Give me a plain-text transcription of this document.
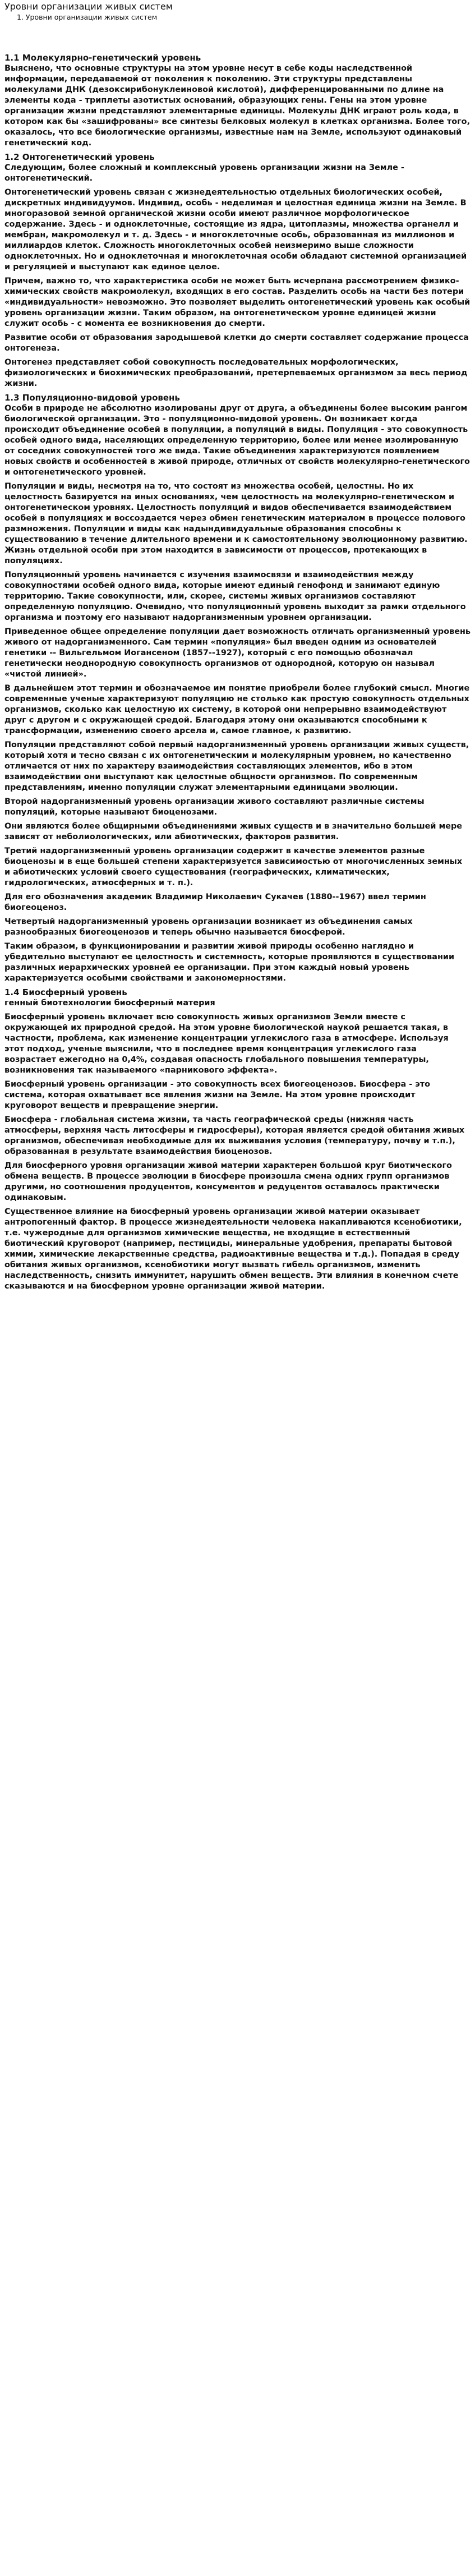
Уровни организации живых систем
1. Уровни организации живых систем
1.1 Молекулярно-генетический уровень

Выяснено, что основные структуры на этом уровне несут в себе коды наследственной информации, передаваемой от поколения к поколению. Эти структуры представлены молекулами ДНК (дезоксирибонуклеиновой кислотой), дифференцированными по длине на элементы кода - триплеты азотистых оснований, образующих гены. Гены на этом уровне организации жизни представляют элементарные единицы. Молекулы ДНК играют роль кода, в котором как бы «зашифрованы» все синтезы белковых молекул в клетках организма. Более того, оказалось, что все биологические организмы, известные нам на Земле, используют одинаковый генетический код.

1.2 Онтогенетический уровень

Следующим, более сложный и комплексный уровень организации жизни на Земле - онтогенетический.

Онтогенетический уровень связан с жизнедеятельностью отдельных биологических особей, дискретных индивидуумов. Индивид, особь - неделимая и целостная единица жизни на Земле. В многоразовой земной органической жизни особи имеют различное морфологическое содержание. Здесь - и одноклеточные, состоящие из ядра, цитоплазмы, множества органелл и мембран, макромолекул и т. д. Здесь - и многоклеточные особь, образованная из миллионов и миллиардов клеток. Сложность многоклеточных особей неизмеримо выше сложности одноклеточных. Но и одноклеточная и многоклеточная особи обладают системной организацией и регуляцией и выступают как единое целое.

Причем, важно то, что характеристика особи не может быть исчерпана рассмотрением физико-химических свойств макромолекул, входящих в его состав. Разделить особь на части без потери «индивидуальности» невозможно. Это позволяет выделить онтогенетический уровень как особый уровень организации жизни. Таким образом, на онтогенетическом уровне единицей жизни служит особь - с момента ее возникновения до смерти.

Развитие особи от образования зародышевой клетки до смерти составляет содержание процесса онтогенеза.

Онтогенез представляет собой совокупность последовательных морфологических, физиологических и биохимических преобразований, претерпеваемых организмом за весь период жизни.

1.3 Популяционно-видовой уровень

Особи в природе не абсолютно изолированы друг от друга, а объединены более высоким рангом биологической организации. Это - популяционно-видовой уровень. Он возникает когда происходит объединение особей в популяции, а популяций в виды. Популяция - это совокупность особей одного вида, населяющих определенную территорию, более или менее изолированную от соседних совокупностей того же вида. Такие объединения характеризуются появлением новых свойств и особенностей в живой природе, отличных от свойств молекулярно-генетического и онтогенетического уровней.

Популяции и виды, несмотря на то, что состоят из множества особей, целостны. Но их целостность базируется на иных основаниях, чем целостность на молекулярно-генетическом и онтогенетическом уровнях. Целостность популяций и видов обеспечивается взаимодействием особей в популяциях и воссоздается через обмен генетическим материалом в процессе полового размножения. Популяции и виды как надындивидуальные образования способны к существованию в течение длительного времени и к самостоятельному эволюционному развитию. Жизнь отдельной особи при этом находится в зависимости от процессов, протекающих в популяциях.

Популяционный уровень начинается с изучения взаимосвязи и взаимодействия между совокупностями особей одного вида, которые имеют единый генофонд и занимают единую территорию. Такие совокупности, или, скорее, системы живых организмов составляют определенную популяцию. Очевидно, что популяционный уровень выходит за рамки отдельного организма и поэтому его называют надорганизменным уровнем организации.

Приведенное общее определение популяции дает возможность отличать организменный уровень живого от надорганизменного. Сам термин «популяция» был введен одним из основателей генетики -- Вильгельмом Иогансеном (1857--1927), который с его помощью обозначал генетически неоднородную совокупность организмов от однородной, которую он называл «чистой линией».

В дальнейшем этот термин и обозначаемое им понятие приобрели более глубокий смысл. Многие современные ученые характеризуют популяцию не столько как простую совокупность отдельных организмов, сколько как целостную их систему, в которой они непрерывно взаимодействуют друг с другом и с окружающей средой. Благодаря этому они оказываются способными к трансформации, изменению своего арсела и, самое главное, к развитию.

Популяции представляют собой первый надорганизменный уровень организации живых существ, который хотя и тесно связан с их онтогенетическим и молекулярным уровнем, но качественно отличается от них по характеру взаимодействия составляющих элементов, ибо в этом взаимодействии они выступают как целостные общности организмов. По современным представлениям, именно популяции служат элементарными единицами эволюции.

Второй надорганизменный уровень организации живого составляют различные системы популяций, которые называют биоценозами.

Они являются более общирными объединениями живых существ и в значительно большей мере зависят от неболиологических, или абиотических, факторов развития.

Третий надорганизменный уровень организации содержит в качестве элементов разные биоценозы и в еще большей степени характеризуется зависимостью от многочисленных земных и абиотических условий своего существования (географических, климатических, гидрологических, атмосферных и т. п.).

Для его обозначения академик Владимир Николаевич Сукачев (1880--1967) ввел термин биогеоценоз.

Четвертый надорганизменный уровень организации возникает из объединения самых разнообразных биогеоценозов и теперь обычно называется биосферой.

Таким образом, в функционировании и развитии живой природы особенно наглядно и убедительно выступают ее целостность и системность, которые проявляются в существовании различных иерархических уровней ее организации. При этом каждый новый уровень характеризуется особыми свойствами и закономерностями.

1.4 Биосферный уровень

генный биотехнологии биосферный материя

Биосферный уровень включает всю совокупность живых организмов Земли вместе с окружающей их природной средой. На этом уровне биологической наукой решается такая, в частности, проблема, как изменение концентрации углекислого газа в атмосфере. Используя этот подход, ученые выяснили, что в последнее время концентрация углекислого газа возрастает ежегодно на 0,4%, создавая опасность глобального повышения температуры, возникновения так называемого «парникового эффекта».

Биосферный уровень организации - это совокупность всех биогеоценозов. Биосфера - это система, которая охватывает все явления жизни на Земле. На этом уровне происходит круговорот веществ и превращение энергии.

Биосфера - глобальная система жизни, та часть географической среды (нижняя часть атмосферы, верхняя часть литосферы и гидросферы), которая является средой обитания живых организмов, обеспечивая необходимые для их выживания условия (температуру, почву и т.п.), образованная в результате взаимодействия биоценозов.

Для биосферного уровня организации живой материи характерен большой круг биотического обмена веществ. В процессе эволюции в биосфере произошла смена одних групп организмов другими, но соотношения продуцентов, консументов и редуцентов оставалось практически одинаковым.

Существенное влияние на биосферный уровень организации живой материи оказывает антропогенный фактор. В процессе жизнедеятельности человека накапливаются ксенобиотики, т.е. чужеродные для организмов химические вещества, не входящие в естественный биотический круговорот (например, пестициды, минеральные удобрения, препараты бытовой химии, химические лекарственные средства, радиоактивные вещества и т.д.). Попадая в среду обитания живых организмов, ксенобиотики могут вызвать гибель организмов, изменить наследственность, снизить иммунитет, нарушить обмен веществ. Эти влияния в конечном счете сказываются и на биосферном уровне организации живой материи.
